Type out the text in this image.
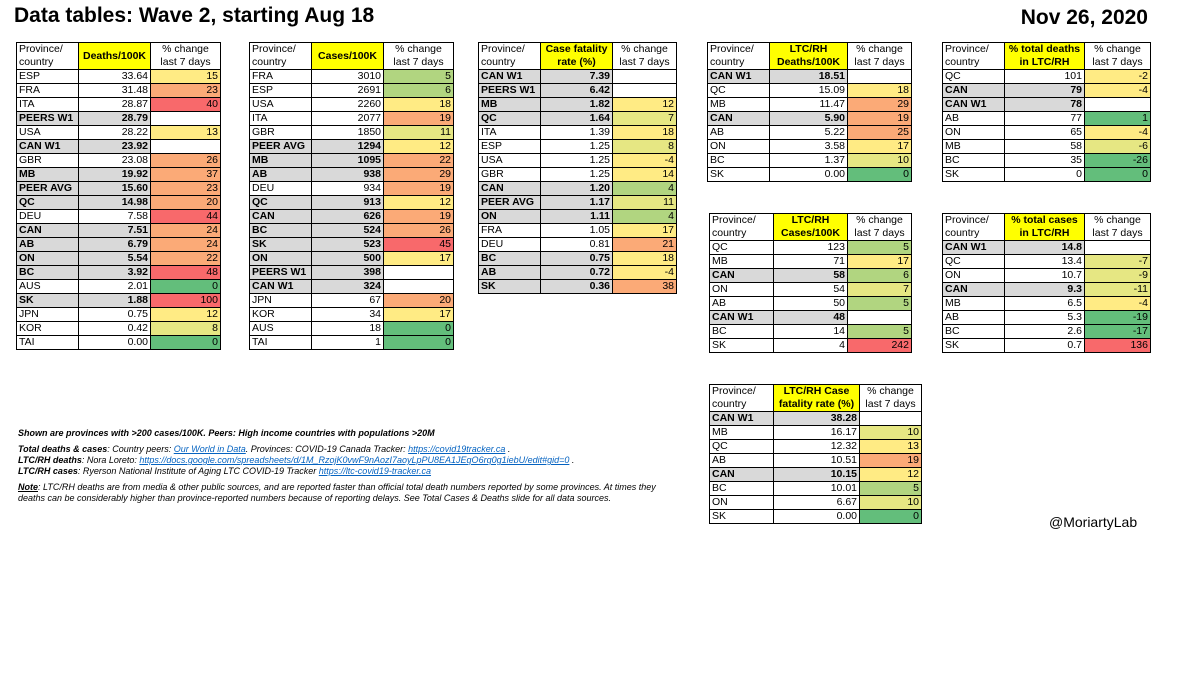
Data tables: Wave 2, starting Aug 18	Nov 26, 2020
Province/ country	Deaths/100K	% change last 7 days
ESP	33.64	15
FRA	31.48	23
ITA	28.87	40
PEERS W1	28.79	
USA	28.22	13
CAN W1	23.92	
GBR	23.08	26
MB	19.92	37
PEER AVG	15.60	23
QC	14.98	20
DEU	7.58	44
CAN	7.51	24
AB	6.79	24
ON	5.54	22
BC	3.92	48
AUS	2.01	0
SK	1.88	100
JPN	0.75	12
KOR	0.42	8
TAI	0.00	0
Province/ country	Cases/100K	% change last 7 days
FRA	3010	5
ESP	2691	6
USA	2260	18
ITA	2077	19
GBR	1850	11
PEER AVG	1294	12
MB	1095	22
AB	938	29
DEU	934	19
QC	913	12
CAN	626	19
BC	524	26
SK	523	45
ON	500	17
PEERS W1	398	
CAN W1	324	
JPN	67	20
KOR	34	17
AUS	18	0
TAI	1	0
Province/ country	Case fatality rate (%)	% change last 7 days
CAN W1	7.39	
PEERS W1	6.42	
MB	1.82	12
QC	1.64	7
ITA	1.39	18
ESP	1.25	8
USA	1.25	-4
GBR	1.25	14
CAN	1.20	4
PEER AVG	1.17	11
ON	1.11	4
FRA	1.05	17
DEU	0.81	21
BC	0.75	18
AB	0.72	-4
SK	0.36	38
Province/ country	LTC/RH Deaths/100K	% change last 7 days
CAN W1	18.51	
QC	15.09	18
MB	11.47	29
CAN	5.90	19
AB	5.22	25
ON	3.58	17
BC	1.37	10
SK	0.00	0
Province/ country	% total deaths in LTC/RH	% change last 7 days
QC	101	-2
CAN	79	-4
CAN W1	78	
AB	77	1
ON	65	-4
MB	58	-6
BC	35	-26
SK	0	0
Province/ country	LTC/RH Cases/100K	% change last 7 days
QC	123	5
MB	71	17
CAN	58	6
ON	54	7
AB	50	5
CAN W1	48	
BC	14	5
SK	4	242
Province/ country	% total cases in LTC/RH	% change last 7 days
CAN W1	14.8	
QC	13.4	-7
ON	10.7	-9
CAN	9.3	-11
MB	6.5	-4
AB	5.3	-19
BC	2.6	-17
SK	0.7	136
Province/ country	LTC/RH Case fatality rate (%)	% change last 7 days
CAN W1	38.28	
MB	16.17	10
QC	12.32	13
AB	10.51	19
CAN	10.15	12
BC	10.01	5
ON	6.67	10
SK	0.00	0

Shown are provinces with >200 cases/100K. Peers: High income countries with populations >20M

Total deaths & cases: Country peers: Our World in Data. Provinces: COVID-19 Canada Tracker: https://covid19tracker.ca .
LTC/RH deaths: Nora Loreto: https://docs.google.com/spreadsheets/d/1M_RzojK0vwF9nAozI7aoyLpPU8EA1JEqO6rq0g1iebU/edit#gid=0 .
LTC/RH cases: Ryerson National Institute of Aging LTC COVID-19 Tracker https://ltc-covid19-tracker.ca

Note: LTC/RH deaths are from media & other public sources, and are reported faster than official total death numbers reported by some provinces. At times they deaths can be considerably higher than province-reported numbers because of reporting delays. See Total Cases & Deaths slide for all data sources.

@MoriartyLab
